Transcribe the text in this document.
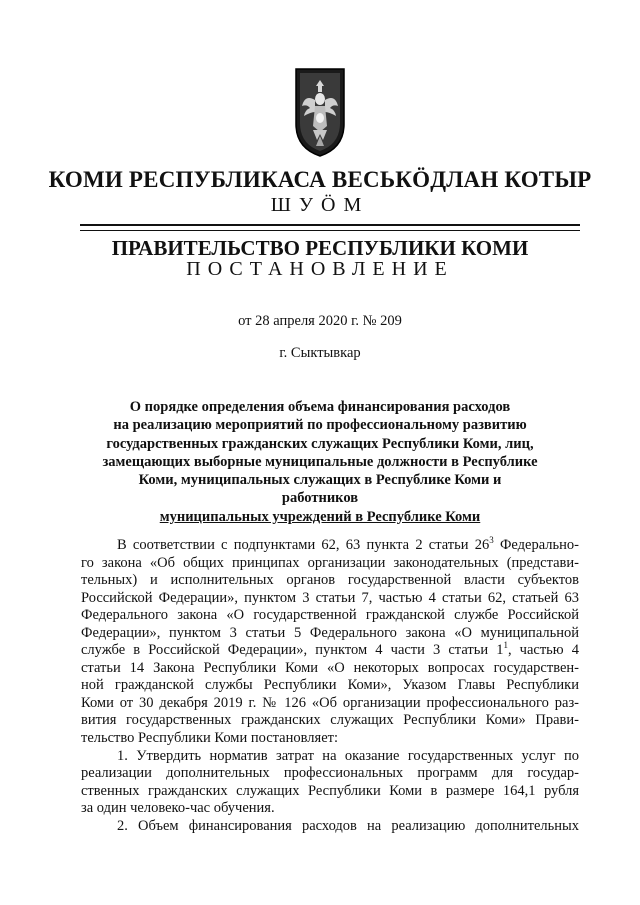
КОМИ РЕСПУБЛИКАСА ВЕСЬКÖДЛАН КОТЫР
ШУÖМ
ПРАВИТЕЛЬСТВО РЕСПУБЛИКИ КОМИ
ПОСТАНОВЛЕНИЕ
от 28 апреля 2020 г. № 209
г. Сыктывкар
О порядке определения объема финансирования расходов
на реализацию мероприятий по профессиональному развитию
государственных гражданских служащих Республики Коми, лиц,
замещающих выборные муниципальные должности в Республике
Коми, муниципальных служащих в Республике Коми и работников
муниципальных учреждений в Республике Коми
В соответствии с подпунктами 62, 63 пункта 2 статьи $26^3$ Федерально-
го закона «Об общих принципах организации законодательных (представи-
тельных) и исполнительных органов государственной власти субъектов
Российской Федерации», пунктом 3 статьи 7, частью 4 статьи 62, статьей 63
Федерального закона «О государственной гражданской службе Российской
Федерации», пунктом 3 статьи 5 Федерального закона «О муниципальной
службе в Российской Федерации», пунктом 4 части 3 статьи $1^1$, частью 4
статьи 14 Закона Республики Коми «О некоторых вопросах государствен-
ной гражданской службы Республики Коми», Указом Главы Республики
Коми от 30 декабря 2019 г. № 126 «Об организации профессионального раз-
вития государственных гражданских служащих Республики Коми» Прави-
тельство Республики Коми постановляет:
1. Утвердить норматив затрат на оказание государственных услуг по
реализации дополнительных профессиональных программ для государ-
ственных гражданских служащих Республики Коми в размере 164,1 рубля
за один человеко-час обучения.
2. Объем финансирования расходов на реализацию дополнительных
